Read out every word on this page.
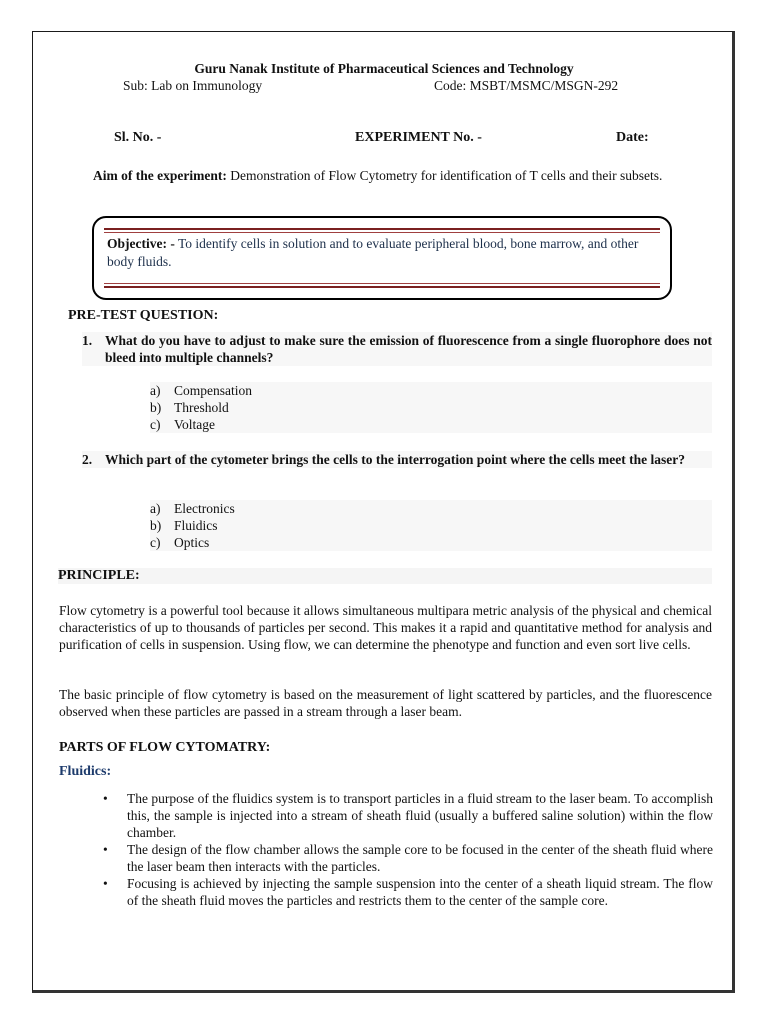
Guru Nanak Institute of Pharmaceutical Sciences and Technology
Sub: Lab on Immunology	Code: MSBT/MSMC/MSGN-292
Sl. No. -	EXPERIMENT No. -	Date:
Aim of the experiment: Demonstration of Flow Cytometry for identification of T cells and their subsets.
Objective: - To identify cells in solution and to evaluate peripheral blood, bone marrow, and other body fluids.
PRE-TEST QUESTION:
1. What do you have to adjust to make sure the emission of fluorescence from a single fluorophore does not bleed into multiple channels?
a)	Compensation
b) Threshold
c)	Voltage
2. Which part of the cytometer brings the cells to the interrogation point where the cells meet the laser?
a)	Electronics
b) Fluidics
c)	Optics
PRINCIPLE:
Flow cytometry is a powerful tool because it allows simultaneous multipara metric analysis of the physical and chemical characteristics of up to thousands of particles per second. This makes it a rapid and quantitative method for analysis and purification of cells in suspension. Using flow, we can determine the phenotype and function and even sort live cells.
The basic principle of flow cytometry is based on the measurement of light scattered by particles, and the fluorescence observed when these particles are passed in a stream through a laser beam.
PARTS OF FLOW CYTOMATRY:
Fluidics:
•	The purpose of the fluidics system is to transport particles in a fluid stream to the laser beam. To accomplish this, the sample is injected into a stream of sheath fluid (usually a buffered saline solution) within the flow chamber.
•	The design of the flow chamber allows the sample core to be focused in the center of the sheath fluid where the laser beam then interacts with the particles.
•	Focusing is achieved by injecting the sample suspension into the center of a sheath liquid stream. The flow of the sheath fluid moves the particles and restricts them to the center of the sample core.
